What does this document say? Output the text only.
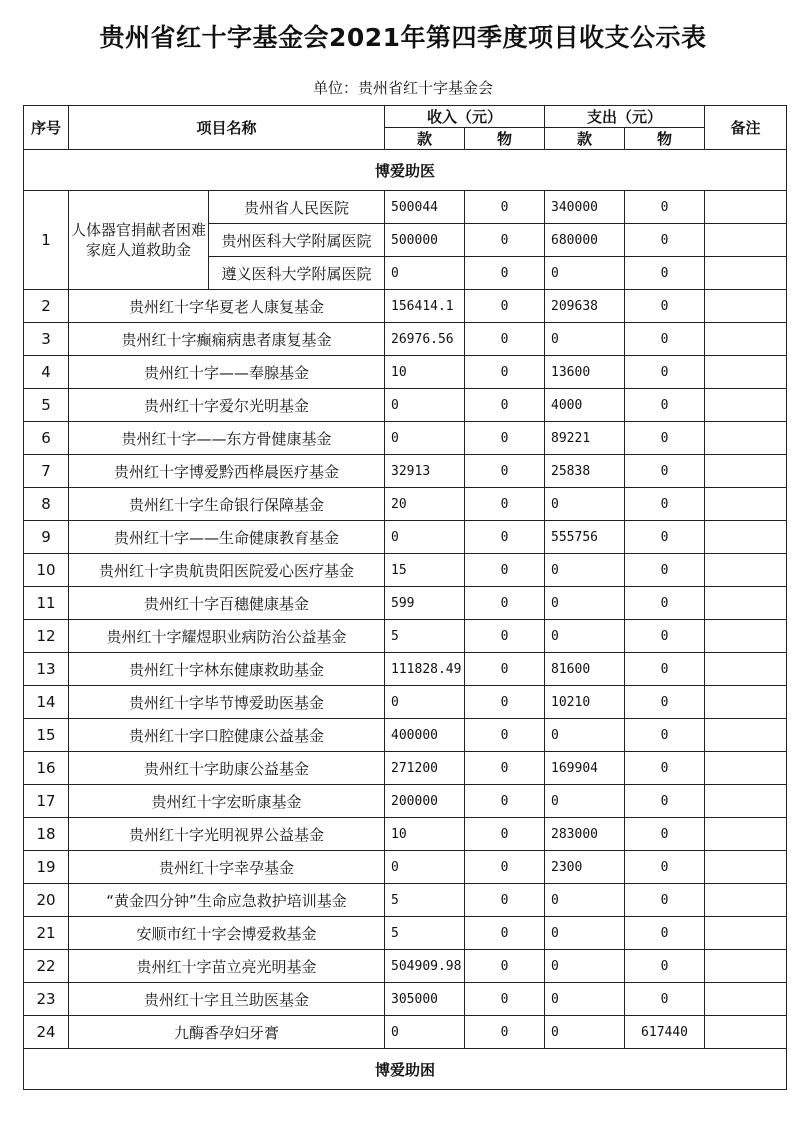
贵州省红十字基金会2021年第四季度项目收支公示表
单位：贵州省红十字基金会
序号	项目名称		收入（元）		支出（元）		备注
			款	物	款	物	
博爱助医							
1	人体器官捐献者困难家庭人道救助金	贵州省人民医院	500044	0	340000	0	
		贵州医科大学附属医院	500000	0	680000	0	
		遵义医科大学附属医院	0	0	0	0	
2	贵州红十字华夏老人康复基金		156414.1	0	209638	0	
3	贵州红十字癫痫病患者康复基金		26976.56	0	0	0	
4	贵州红十字——奉腺基金		10	0	13600	0	
5	贵州红十字爱尔光明基金		0	0	4000	0	
6	贵州红十字——东方骨健康基金		0	0	89221	0	
7	贵州红十字博爱黔西桦晨医疗基金		32913	0	25838	0	
8	贵州红十字生命银行保障基金		20	0	0	0	
9	贵州红十字——生命健康教育基金		0	0	555756	0	
10	贵州红十字贵航贵阳医院爱心医疗基金		15	0	0	0	
11	贵州红十字百穗健康基金		599	0	0	0	
12	贵州红十字耀煜职业病防治公益基金		5	0	0	0	
13	贵州红十字林东健康救助基金		111828.49	0	81600	0	
14	贵州红十字毕节博爱助医基金		0	0	10210	0	
15	贵州红十字口腔健康公益基金		400000	0	0	0	
16	贵州红十字助康公益基金		271200	0	169904	0	
17	贵州红十字宏昕康基金		200000	0	0	0	
18	贵州红十字光明视界公益基金		10	0	283000	0	
19	贵州红十字幸孕基金		0	0	2300	0	
20	“黄金四分钟”生命应急救护培训基金		5	0	0	0	
21	安顺市红十字会博爱救基金		5	0	0	0	
22	贵州红十字苗立亮光明基金		504909.98	0	0	0	
23	贵州红十字且兰助医基金		305000	0	0	0	
24	九酶香孕妇牙膏		0	0	0	617440	
博爱助困							
